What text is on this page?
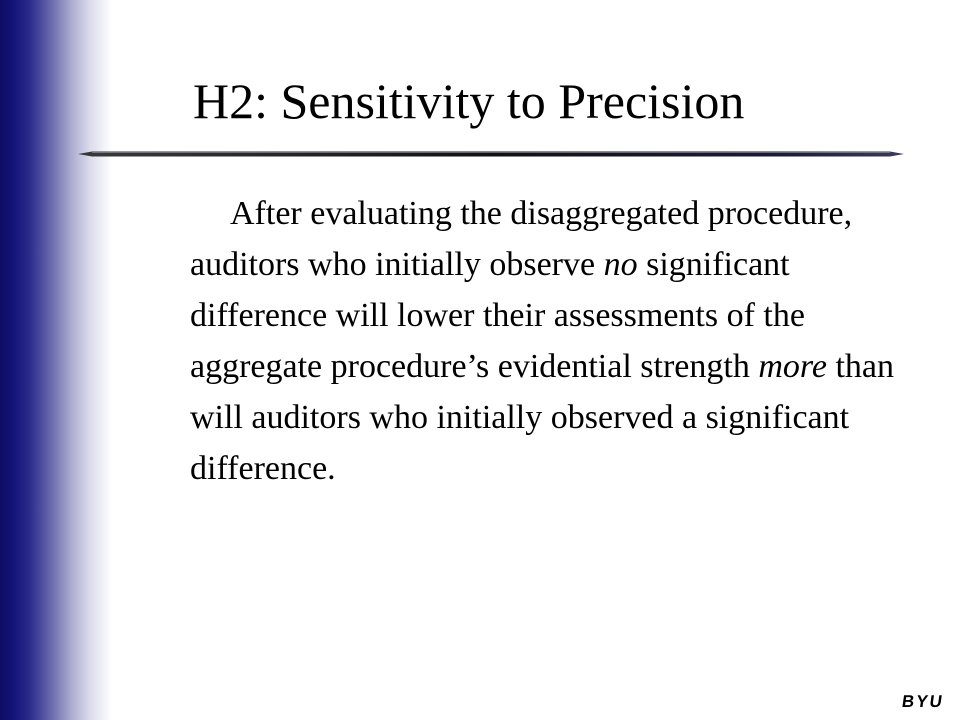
H2: Sensitivity to Precision

After evaluating the disaggregated procedure, auditors who initially observe no significant difference will lower their assessments of the aggregate procedure’s evidential strength more than will auditors who initially observed a significant difference.

BYU
